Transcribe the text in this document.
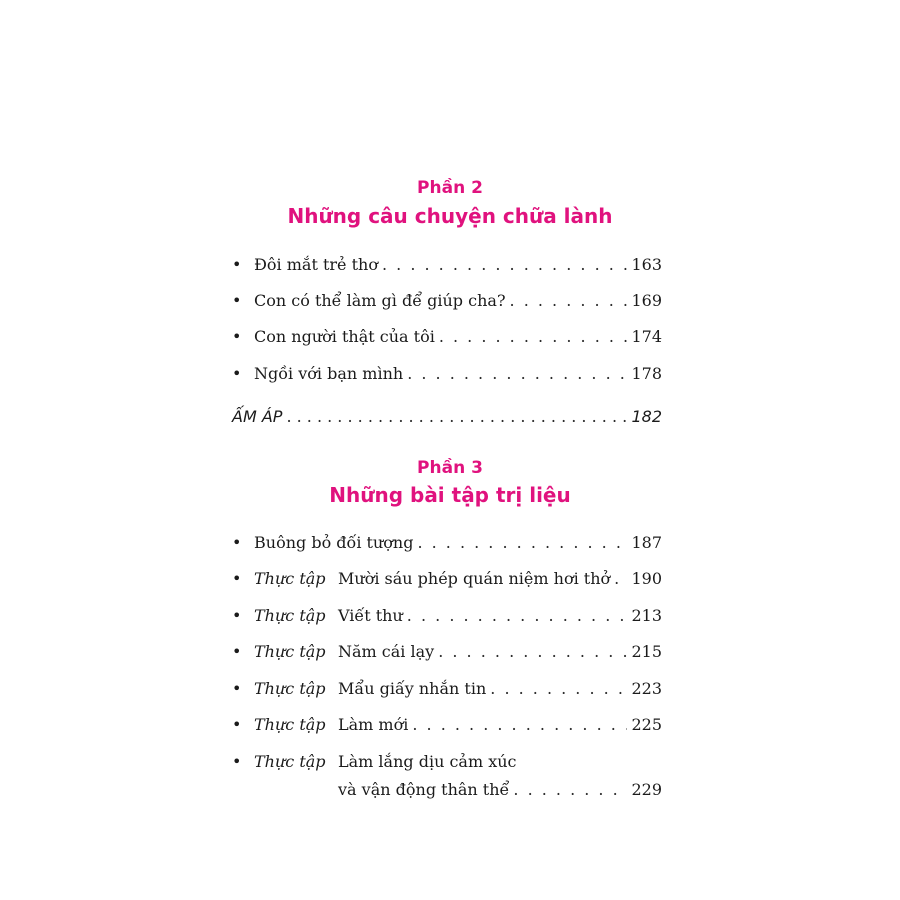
Phần 2
Những câu chuyện chữa lành
• Đôi mắt trẻ thơ . . .	163
• Con có thể làm gì để giúp cha? . . .	169
• Con người thật của tôi . . .	174
• Ngồi với bạn mình . . .	178
ẤM ÁP . . .	182
Phần 3
Những bài tập trị liệu
• Buông bỏ đối tượng . . .	187
• Thực tập Mười sáu phép quán niệm hơi thở . . . 190
• Thực tập Viết thư . . .	213
• Thực tập Năm cái lạy . . .	215
• Thực tập Mẩu giấy nhắn tin . . .	223
• Thực tập Làm mới . . .	225
• Thực tập Làm lắng dịu cảm xúc
và vận động thân thể . . .	229
